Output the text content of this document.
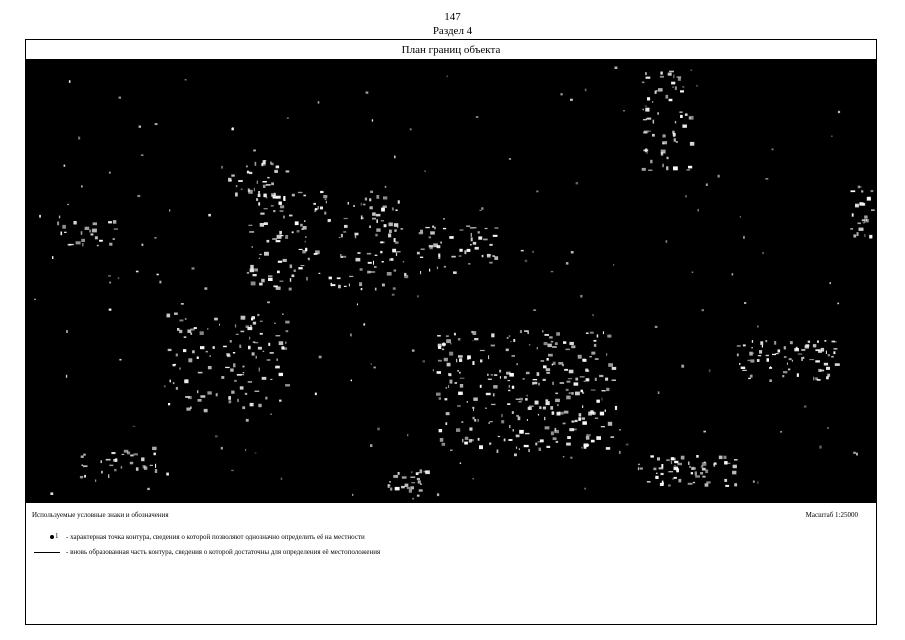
147
Раздел 4
План границ объекта
Используемые условные знаки и обозначения	Масштаб 1:25000
1 - характерная точка контура, сведения о которой позволяют однозначно определить её на местности
- вновь образованная часть контура, сведения о которой достаточны для определения её местоположения
